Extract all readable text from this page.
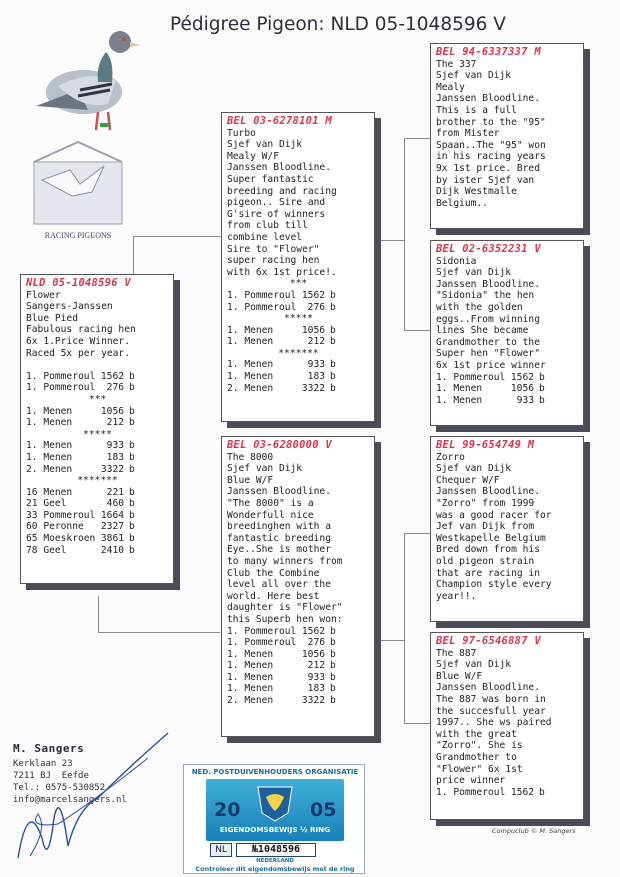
Pédigree Pigeon: NLD 05-1048596 V
RACING PIGEONS
NLD 05-1048596 V
Flower
Sangers-Janssen
Blue Pied
Fabulous racing hen
6x 1.Price Winner.
Raced 5x per year.
1. Pommeroul 1562 b
1. Pommeroul	276 b
***
1. Menen	1056 b
1. Menen	212 b
*****
1. Menen	933 b
1. Menen	183 b
2. Menen	3322 b
*******
16 Menen	221 b
21 Geel	460 b
33 Pommeroul 1664 b
60 Peronne	2327 b
65 Moeskroen 3861 b
78 Geel	2410 b
BEL 03-6278101 M
Turbo
Sjef van Dijk
Mealy W/F
Janssen Bloodline.
Super fantastic
breeding and racing
pigeon.. Sire and
G'sire of winners
from club till
combine level
Sire to "Flower"
super racing hen
with 6x 1st price!.
***
1. Pommeroul 1562 b
1. Pommeroul	276 b
*****
1. Menen	1056 b
1. Menen	212 b
*******
1. Menen	933 b
1. Menen	183 b
2. Menen	3322 b
BEL 03-6280000 V
The 8000
Sjef van Dijk
Blue W/F
Janssen Bloodline.
"The 8000" is a
Wonderfull nice
breedinghen with a
fantastic breeding
Eye..She is mother
to many winners from
Club the Combine
level all over the
world. Here best
daughter is "Flower"
this Superb hen won:
1. Pommeroul 1562 b
1. Pommeroul	276 b
1. Menen	1056 b
1. Menen	212 b
1. Menen	933 b
1. Menen	183 b
2. Menen	3322 b
BEL 94-6337337 M
The 337
Sjef van Dijk
Mealy
Janssen Bloodline.
This is a full
brother to the "95"
from Mister
Spaan..The "95" won
in his racing years
9x 1st price. Bred
by ister Sjef van
Dijk Westmalle
Belgium..
BEL 02-6352231 V
Sidonia
Sjef van Dijk
Janssen Bloodline.
"Sidonia" the hen
with the golden
eggs..From winning
lines She became
Grandmother to the
Super hen "Flower"
6x 1st price winner
1. Pommeroul 1562 b
1. Menen	1056 b
1. Menen	933 b
BEL 99-654749 M
Zorro
Sjef van Dijk
Chequer W/F
Janssen Bloodline.
"Zorro" from 1999
was a good racer for
Jef van Dijk from
Westkapelle Belgium
Bred down from his
old pigeon strain
that are racing in
Champion style every
year!!.
BEL 97-6546887 V
The 887
Sjef van Dijk
Blue W/F
Janssen Bloodline.
The 887 was born in
the succesfull year
1997.. She ws paired
with the great
"Zorro". She is
Grandmother to
"Flower" 6x 1st
price winner
1. Pommeroul 1562 b
M. Sangers
Kerklaan 23
7211 BJ  Eefde
Tel.: 0575-530852
info@marcelsangers.nl
NED. POSTDUIVENHOUDERS ORGANISATIE
20	05
EIGENDOMSBEWIJS ½ RING
NL	№1048596
NEDERLAND
Controleer dit eigendomsbewijs met de ring
Compuclub © M. Sangers
